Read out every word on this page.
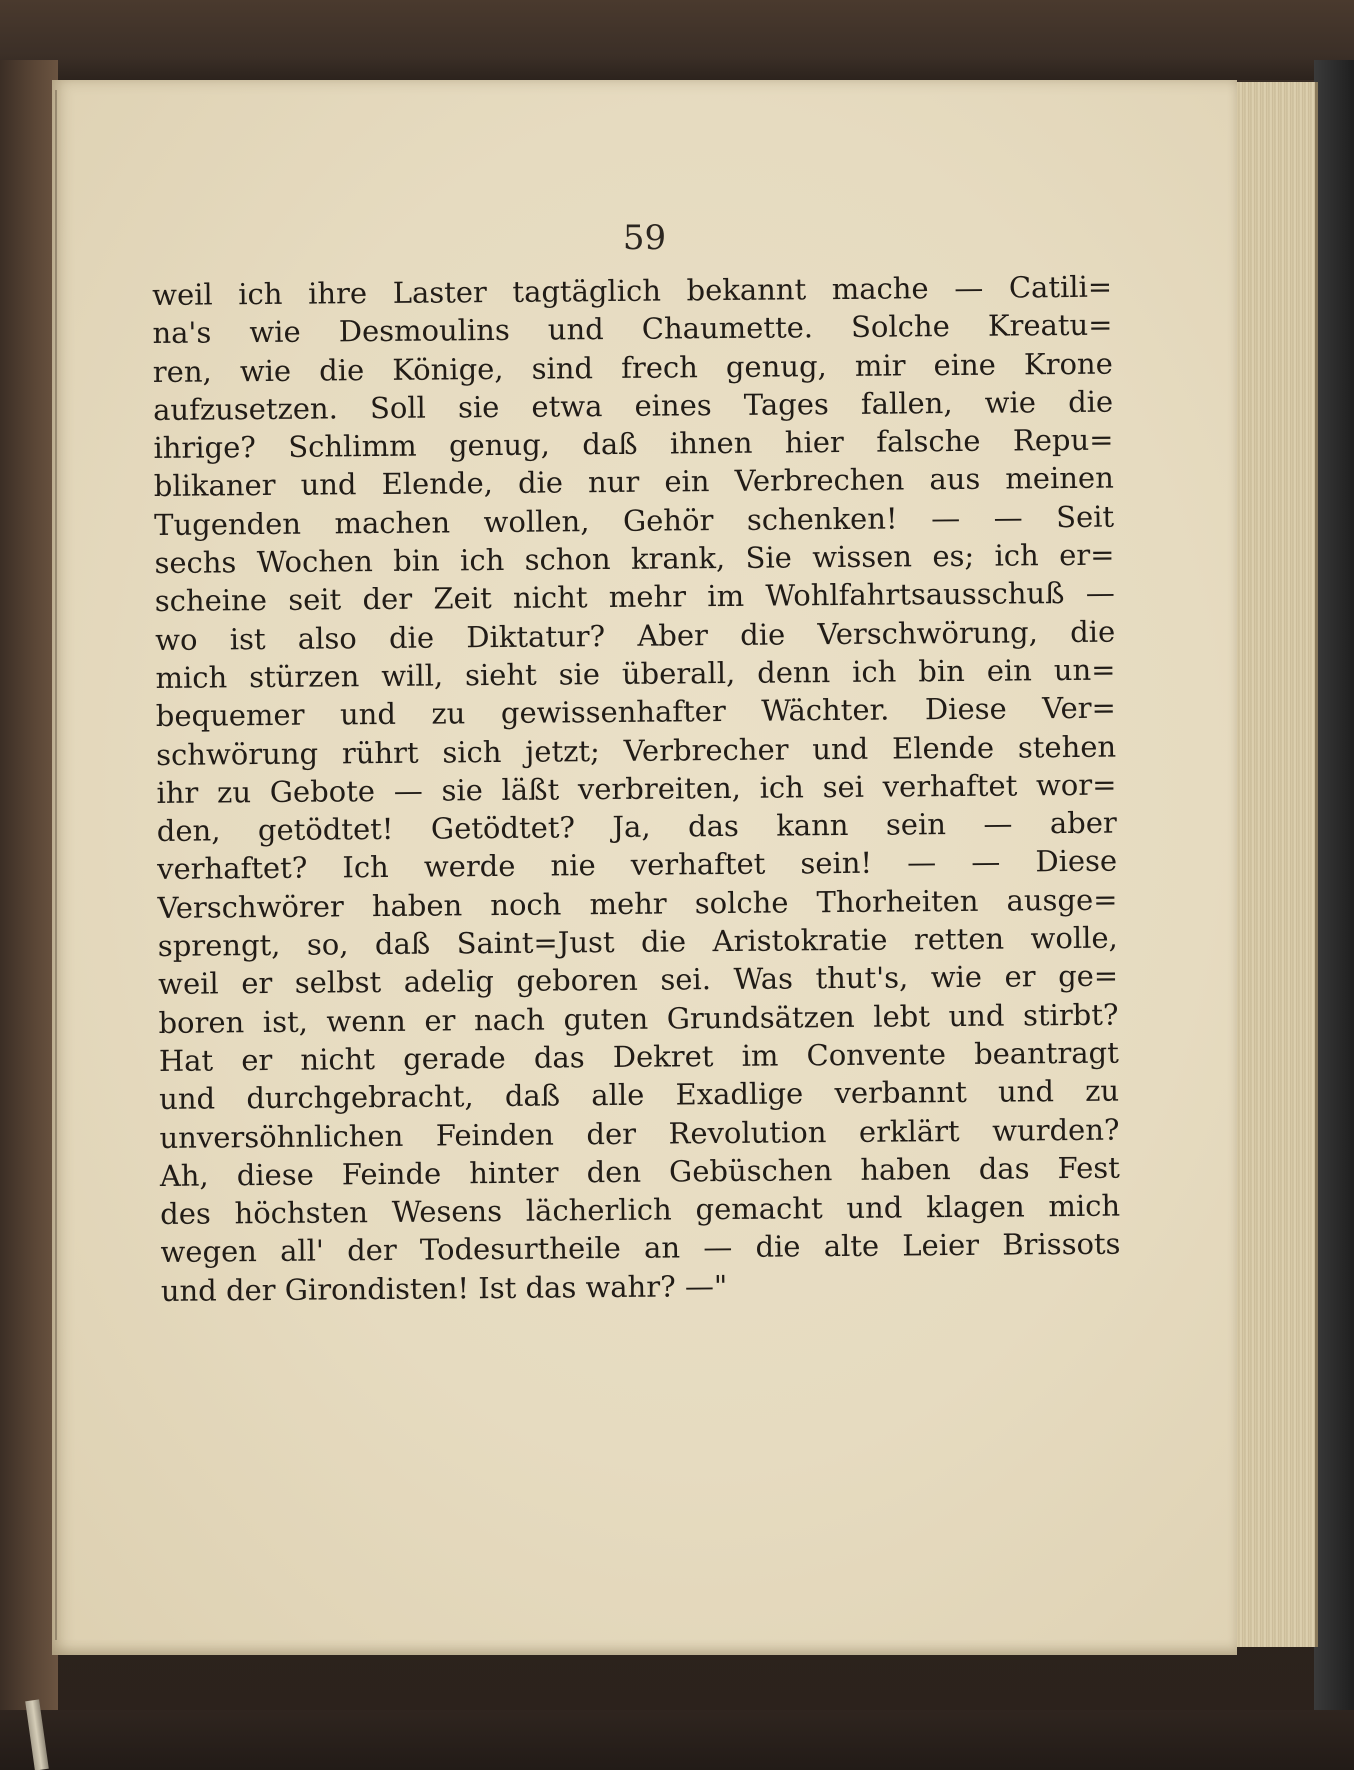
59
weil ich ihre Laster tagtäglich bekannt mache — Catili=
na's wie Desmoulins und Chaumette. Solche Kreatu=
ren, wie die Könige, sind frech genug, mir eine Krone
aufzusetzen. Soll sie etwa eines Tages fallen, wie die
ihrige? Schlimm genug, daß ihnen hier falsche Repu=
blikaner und Elende, die nur ein Verbrechen aus meinen
Tugenden machen wollen, Gehör schenken! — — Seit
sechs Wochen bin ich schon krank, Sie wissen es; ich er=
scheine seit der Zeit nicht mehr im Wohlfahrtsausschuß —
wo ist also die Diktatur? Aber die Verschwörung, die
mich stürzen will, sieht sie überall, denn ich bin ein un=
bequemer und zu gewissenhafter Wächter. Diese Ver=
schwörung rührt sich jetzt; Verbrecher und Elende stehen
ihr zu Gebote — sie läßt verbreiten, ich sei verhaftet wor=
den, getödtet! Getödtet? Ja, das kann sein — aber
verhaftet? Ich werde nie verhaftet sein! — — Diese
Verschwörer haben noch mehr solche Thorheiten ausge=
sprengt, so, daß Saint=Just die Aristokratie retten wolle,
weil er selbst adelig geboren sei. Was thut's, wie er ge=
boren ist, wenn er nach guten Grundsätzen lebt und stirbt?
Hat er nicht gerade das Dekret im Convente beantragt
und durchgebracht, daß alle Exadlige verbannt und zu
unversöhnlichen Feinden der Revolution erklärt wurden?
Ah, diese Feinde hinter den Gebüschen haben das Fest
des höchsten Wesens lächerlich gemacht und klagen mich
wegen all' der Todesurtheile an — die alte Leier Brissots
und der Girondisten! Ist das wahr? —"
